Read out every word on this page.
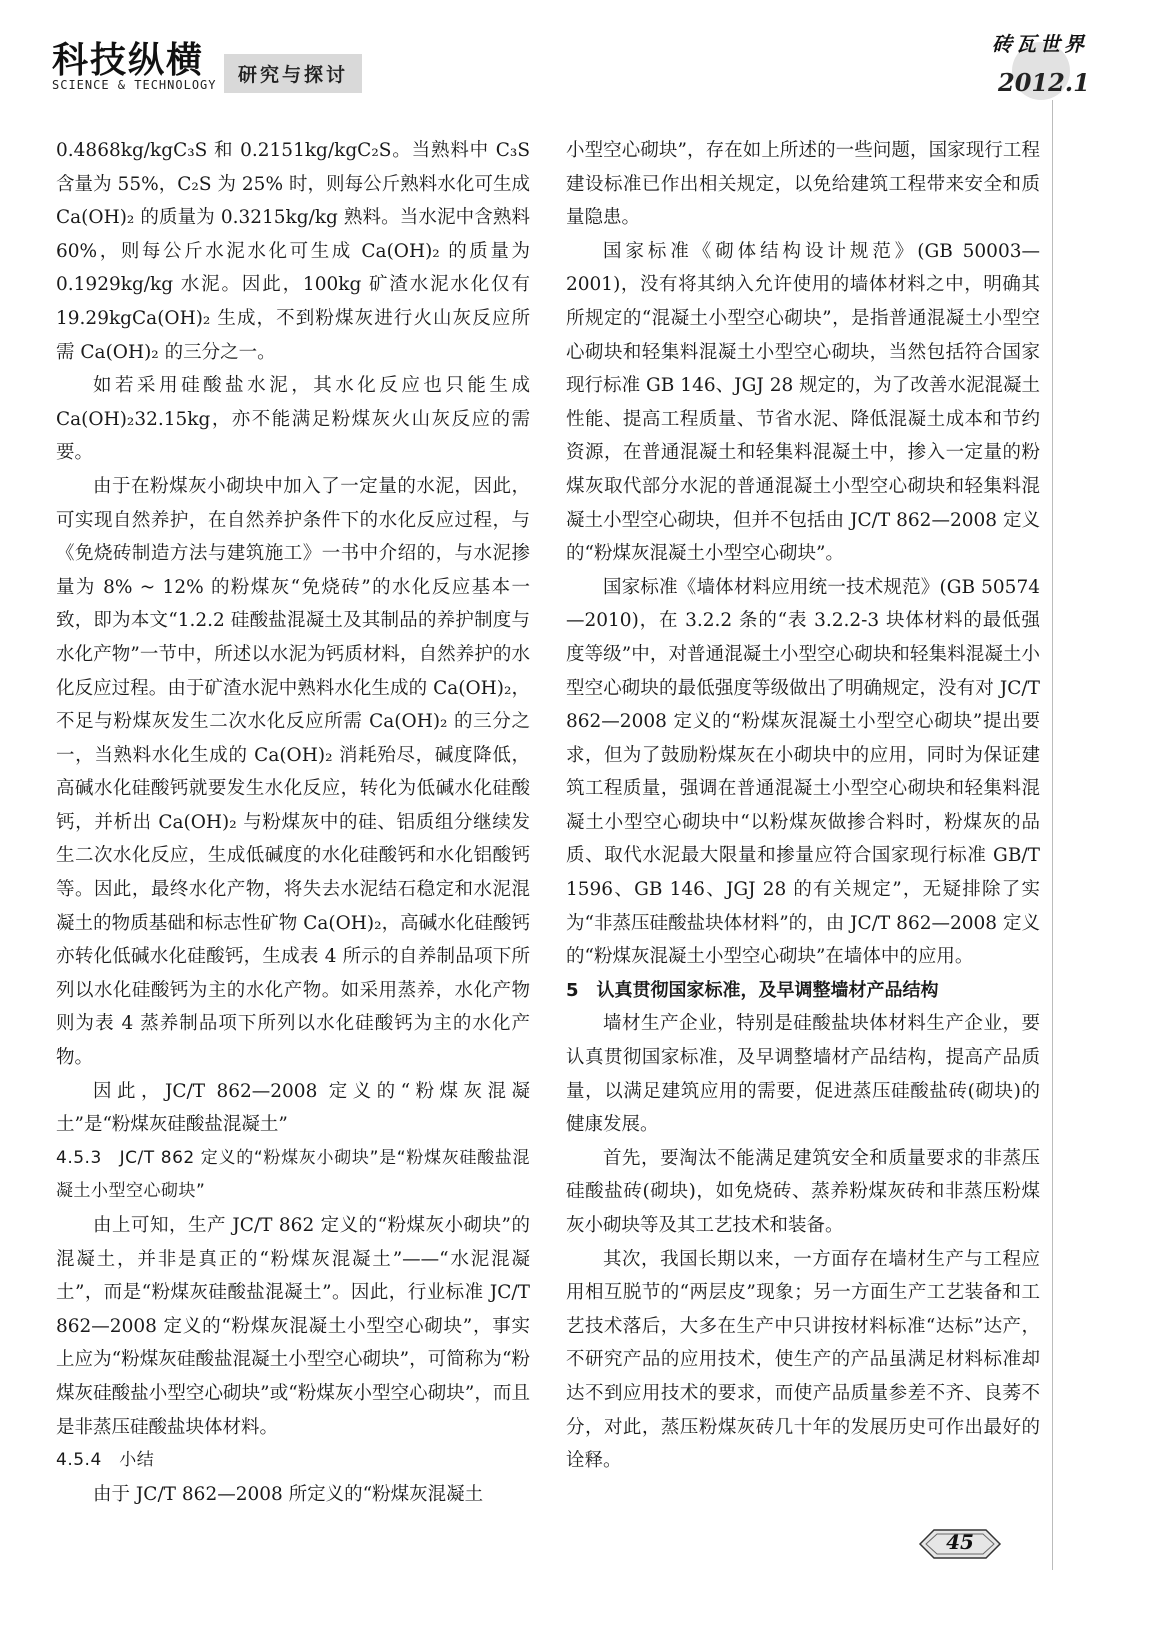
科技纵横
SCIENCE & TECHNOLOGY	研究与探讨
砖瓦世界
2012.1

0.4868kg/kgC₃S 和 0.2151kg/kgC₂S。当熟料中 C₃S 含量为 55%，C₂S 为 25% 时，则每公斤熟料水化可生成 Ca(OH)₂ 的质量为 0.3215kg/kg 熟料。当水泥中含熟料 60%，则每公斤水泥水化可生成 Ca(OH)₂ 的质量为 0.1929kg/kg 水泥。因此，100kg 矿渣水泥水化仅有 19.29kgCa(OH)₂ 生成，不到粉煤灰进行火山灰反应所需 Ca(OH)₂ 的三分之一。

如若采用硅酸盐水泥，其水化反应也只能生成 Ca(OH)₂32.15kg，亦不能满足粉煤灰火山灰反应的需要。

由于在粉煤灰小砌块中加入了一定量的水泥，因此，可实现自然养护，在自然养护条件下的水化反应过程，与《免烧砖制造方法与建筑施工》一书中介绍的，与水泥掺量为 8% ~ 12% 的粉煤灰“免烧砖”的水化反应基本一致，即为本文“1.2.2 硅酸盐混凝土及其制品的养护制度与水化产物”一节中，所述以水泥为钙质材料，自然养护的水化反应过程。由于矿渣水泥中熟料水化生成的 Ca(OH)₂，不足与粉煤灰发生二次水化反应所需 Ca(OH)₂ 的三分之一，当熟料水化生成的 Ca(OH)₂ 消耗殆尽，碱度降低，高碱水化硅酸钙就要发生水化反应，转化为低碱水化硅酸钙，并析出 Ca(OH)₂ 与粉煤灰中的硅、铝质组分继续发生二次水化反应，生成低碱度的水化硅酸钙和水化铝酸钙等。因此，最终水化产物，将失去水泥结石稳定和水泥混凝土的物质基础和标志性矿物 Ca(OH)₂，高碱水化硅酸钙亦转化低碱水化硅酸钙，生成表 4 所示的自养制品项下所列以水化硅酸钙为主的水化产物。如采用蒸养，水化产物则为表 4 蒸养制品项下所列以水化硅酸钙为主的水化产物。

因此，JC/T 862—2008 定义的“粉煤灰混凝土”是“粉煤灰硅酸盐混凝土”

4.5.3　JC/T 862 定义的“粉煤灰小砌块”是“粉煤灰硅酸盐混凝土小型空心砌块”

由上可知，生产 JC/T 862 定义的“粉煤灰小砌块”的混凝土，并非是真正的“粉煤灰混凝土”——“水泥混凝土”，而是“粉煤灰硅酸盐混凝土”。因此，行业标准 JC/T 862—2008 定义的“粉煤灰混凝土小型空心砌块”，事实上应为“粉煤灰硅酸盐混凝土小型空心砌块”，可简称为“粉煤灰硅酸盐小型空心砌块”或“粉煤灰小型空心砌块”，而且是非蒸压硅酸盐块体材料。

4.5.4　小结

由于 JC/T 862—2008 所定义的“粉煤灰混凝土

小型空心砌块”，存在如上所述的一些问题，国家现行工程建设标准已作出相关规定，以免给建筑工程带来安全和质量隐患。

国家标准《砌体结构设计规范》(GB 50003—2001)，没有将其纳入允许使用的墙体材料之中，明确其所规定的“混凝土小型空心砌块”，是指普通混凝土小型空心砌块和轻集料混凝土小型空心砌块，当然包括符合国家现行标准 GB 146、JGJ 28 规定的，为了改善水泥混凝土性能、提高工程质量、节省水泥、降低混凝土成本和节约资源，在普通混凝土和轻集料混凝土中，掺入一定量的粉煤灰取代部分水泥的普通混凝土小型空心砌块和轻集料混凝土小型空心砌块，但并不包括由 JC/T 862—2008 定义的“粉煤灰混凝土小型空心砌块”。

国家标准《墙体材料应用统一技术规范》(GB 50574—2010)，在 3.2.2 条的“表 3.2.2-3 块体材料的最低强度等级”中，对普通混凝土小型空心砌块和轻集料混凝土小型空心砌块的最低强度等级做出了明确规定，没有对 JC/T 862—2008 定义的“粉煤灰混凝土小型空心砌块”提出要求，但为了鼓励粉煤灰在小砌块中的应用，同时为保证建筑工程质量，强调在普通混凝土小型空心砌块和轻集料混凝土小型空心砌块中“以粉煤灰做掺合料时，粉煤灰的品质、取代水泥最大限量和掺量应符合国家现行标准 GB/T 1596、GB 146、JGJ 28 的有关规定”，无疑排除了实为“非蒸压硅酸盐块体材料”的，由 JC/T 862—2008 定义的“粉煤灰混凝土小型空心砌块”在墙体中的应用。

5　认真贯彻国家标准，及早调整墙材产品结构

墙材生产企业，特别是硅酸盐块体材料生产企业，要认真贯彻国家标准，及早调整墙材产品结构，提高产品质量，以满足建筑应用的需要，促进蒸压硅酸盐砖(砌块)的健康发展。

首先，要淘汰不能满足建筑安全和质量要求的非蒸压硅酸盐砖(砌块)，如免烧砖、蒸养粉煤灰砖和非蒸压粉煤灰小砌块等及其工艺技术和装备。

其次，我国长期以来，一方面存在墙材生产与工程应用相互脱节的“两层皮”现象；另一方面生产工艺装备和工艺技术落后，大多在生产中只讲按材料标准“达标”达产，不研究产品的应用技术，使生产的产品虽满足材料标准却达不到应用技术的要求，而使产品质量参差不齐、良莠不分，对此，蒸压粉煤灰砖几十年的发展历史可作出最好的诠释。

45
